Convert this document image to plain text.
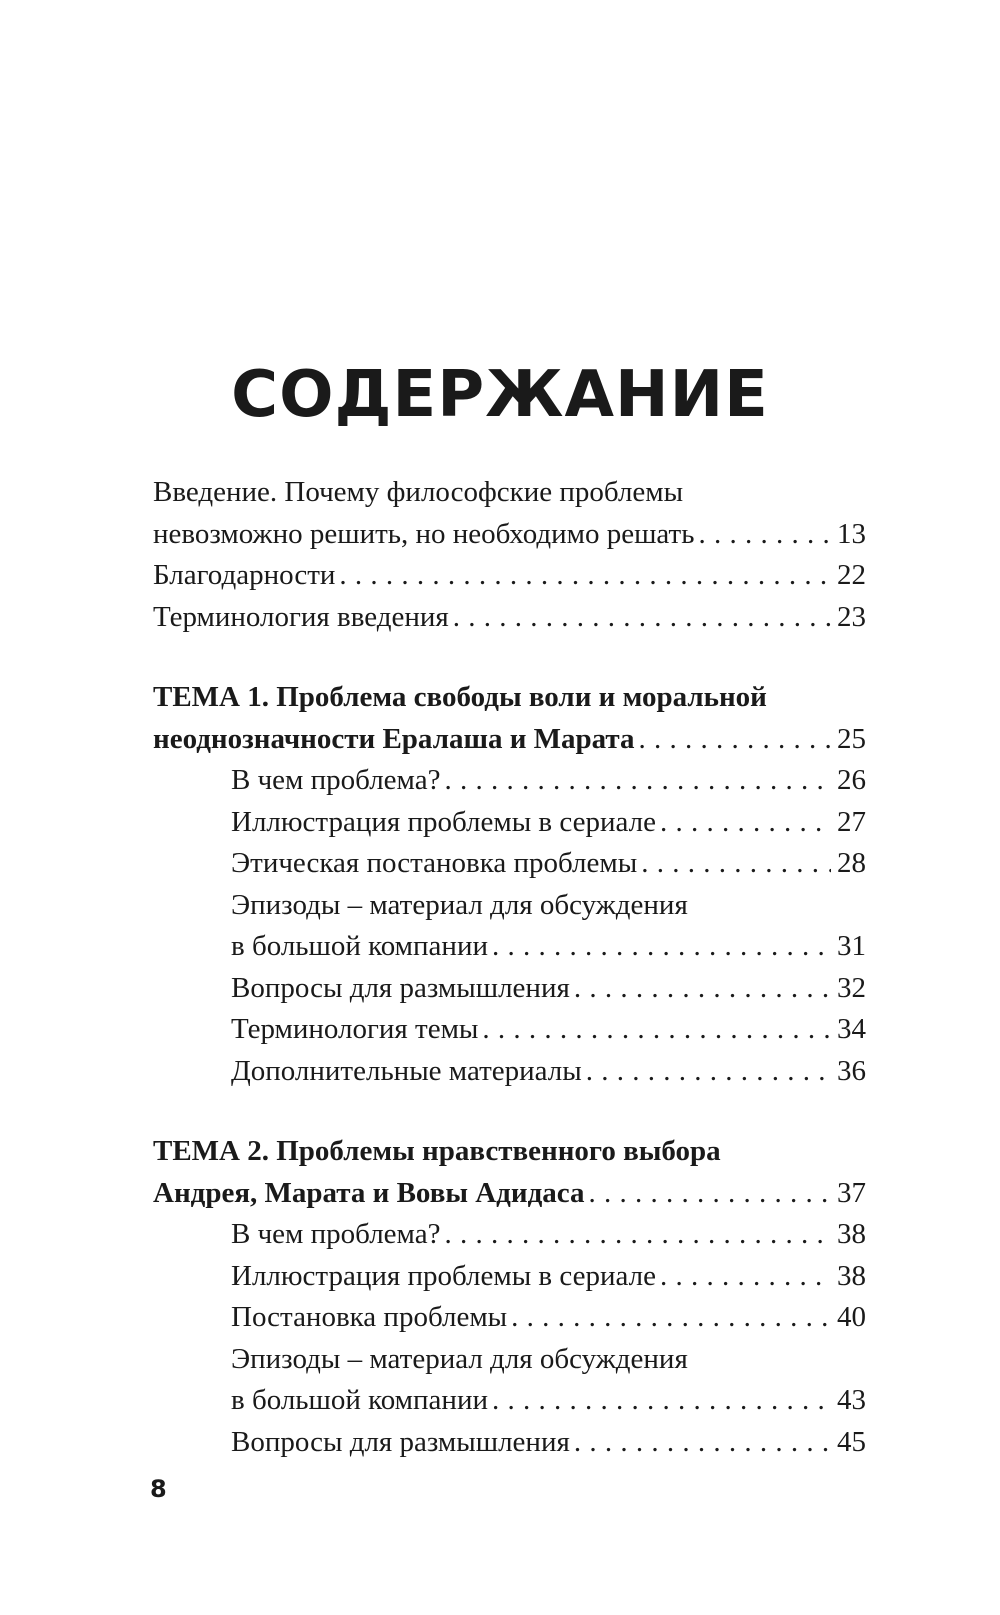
СОДЕРЖАНИЕ
Введение. Почему философские проблемы
невозможно решить, но необходимо решать . . .	13
Благодарности . . .	22
Терминология введения . . .	23
ТЕМА 1. Проблема свободы воли и моральной
неоднозначности Ералаша и Марата . . .	25
В чем проблема? . . .	26
Иллюстрация проблемы в сериале . . .	27
Этическая постановка проблемы . . .	28
Эпизоды – материал для обсуждения
в большой компании . . .	31
Вопросы для размышления . . .	32
Терминология темы . . .	34
Дополнительные материалы . . .	36
ТЕМА 2. Проблемы нравственного выбора
Андрея, Марата и Вовы Адидаса . . .	37
В чем проблема? . . .	38
Иллюстрация проблемы в сериале . . .	38
Постановка проблемы . . .	40
Эпизоды – материал для обсуждения
в большой компании . . .	43
Вопросы для размышления . . .	45
8
